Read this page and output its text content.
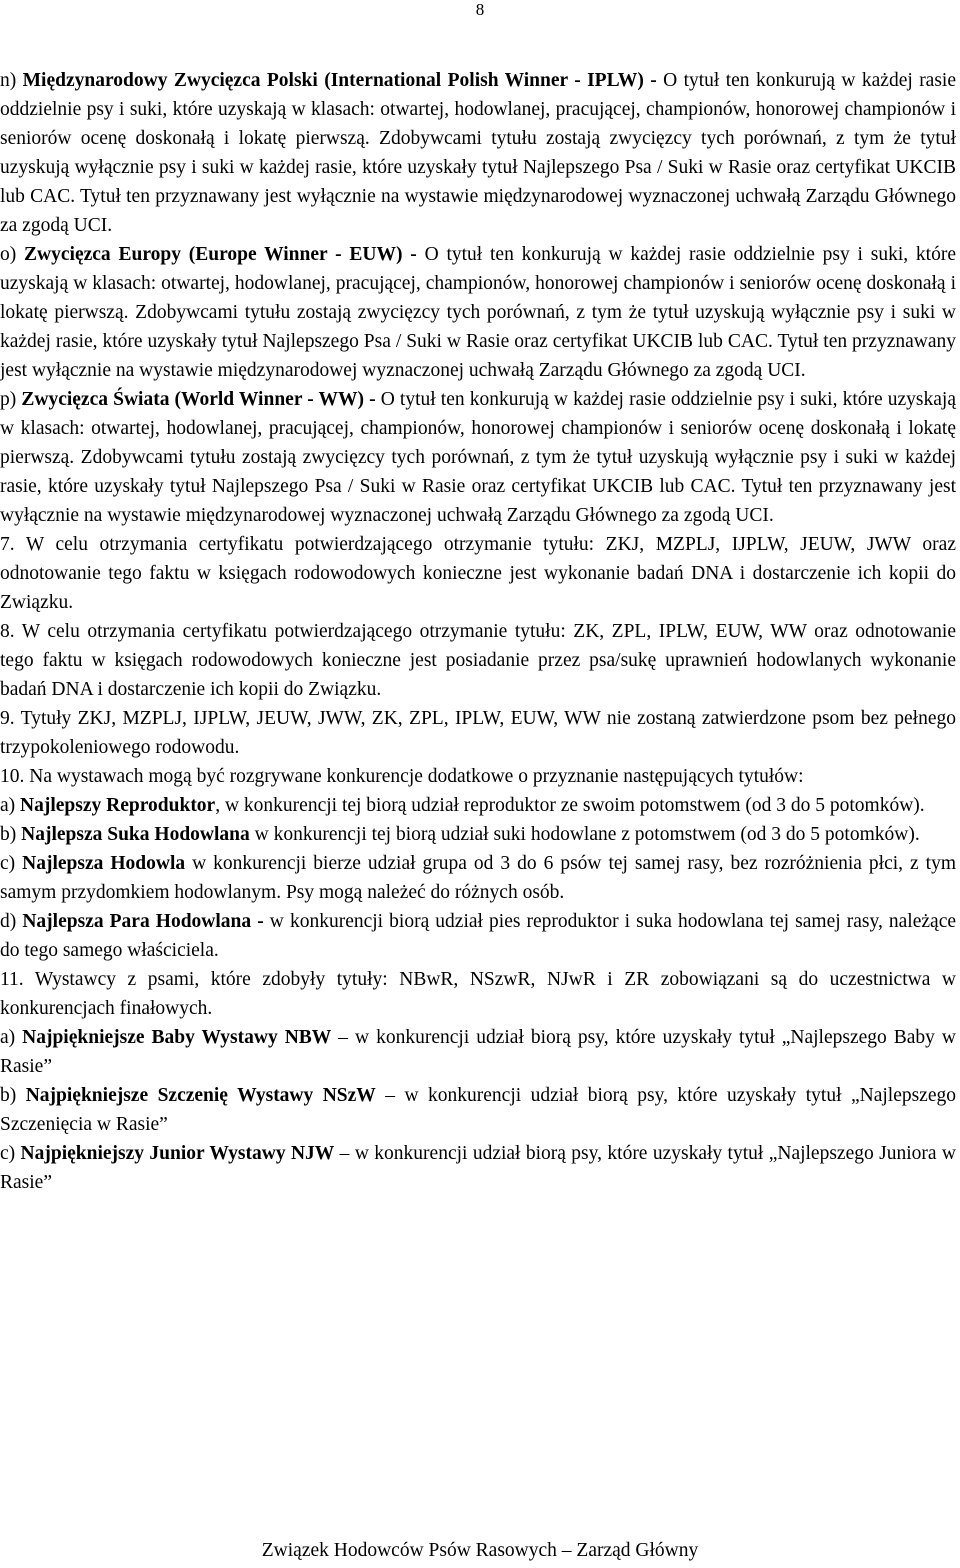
8

n) Międzynarodowy Zwycięzca Polski (International Polish Winner - IPLW) - O tytuł ten konkurują w każdej rasie oddzielnie psy i suki, które uzyskają w klasach: otwartej, hodowlanej, pracującej, championów, honorowej championów i seniorów ocenę doskonałą i lokatę pierwszą. Zdobywcami tytułu zostają zwycięzcy tych porównań, z tym że tytuł uzyskują wyłącznie psy i suki w każdej rasie, które uzyskały tytuł Najlepszego Psa / Suki w Rasie oraz certyfikat UKCIB lub CAC. Tytuł ten przyznawany jest wyłącznie na wystawie międzynarodowej wyznaczonej uchwałą Zarządu Głównego za zgodą UCI.

o) Zwycięzca Europy (Europe Winner - EUW) - O tytuł ten konkurują w każdej rasie oddzielnie psy i suki, które uzyskają w klasach: otwartej, hodowlanej, pracującej, championów, honorowej championów i seniorów ocenę doskonałą i lokatę pierwszą. Zdobywcami tytułu zostają zwycięzcy tych porównań, z tym że tytuł uzyskują wyłącznie psy i suki w każdej rasie, które uzyskały tytuł Najlepszego Psa / Suki w Rasie oraz certyfikat UKCIB lub CAC. Tytuł ten przyznawany jest wyłącznie na wystawie międzynarodowej wyznaczonej uchwałą Zarządu Głównego za zgodą UCI.

p) Zwycięzca Świata (World Winner - WW) - O tytuł ten konkurują w każdej rasie oddzielnie psy i suki, które uzyskają w klasach: otwartej, hodowlanej, pracującej, championów, honorowej championów i seniorów ocenę doskonałą i lokatę pierwszą. Zdobywcami tytułu zostają zwycięzcy tych porównań, z tym że tytuł uzyskują wyłącznie psy i suki w każdej rasie, które uzyskały tytuł Najlepszego Psa / Suki w Rasie oraz certyfikat UKCIB lub CAC. Tytuł ten przyznawany jest wyłącznie na wystawie międzynarodowej wyznaczonej uchwałą Zarządu Głównego za zgodą UCI.

7. W celu otrzymania certyfikatu potwierdzającego otrzymanie tytułu: ZKJ, MZPLJ, IJPLW, JEUW, JWW oraz odnotowanie tego faktu w księgach rodowodowych konieczne jest wykonanie badań DNA i dostarczenie ich kopii do Związku.

8. W celu otrzymania certyfikatu potwierdzającego otrzymanie tytułu: ZK, ZPL, IPLW, EUW, WW oraz odnotowanie tego faktu w księgach rodowodowych konieczne jest posiadanie przez psa/sukę uprawnień hodowlanych wykonanie badań DNA i dostarczenie ich kopii do Związku.

9. Tytuły ZKJ, MZPLJ, IJPLW, JEUW, JWW, ZK, ZPL, IPLW, EUW, WW nie zostaną zatwierdzone psom bez pełnego trzypokoleniowego rodowodu.

10. Na wystawach mogą być rozgrywane konkurencje dodatkowe o przyznanie następujących tytułów:

a) Najlepszy Reproduktor, w konkurencji tej biorą udział reproduktor ze swoim potomstwem (od 3 do 5 potomków).

b) Najlepsza Suka Hodowlana w konkurencji tej biorą udział suki hodowlane z potomstwem (od 3 do 5 potomków).

c) Najlepsza Hodowla w konkurencji bierze udział grupa od 3 do 6 psów tej samej rasy, bez rozróżnienia płci, z tym samym przydomkiem hodowlanym. Psy mogą należeć do różnych osób.

d) Najlepsza Para Hodowlana - w konkurencji biorą udział pies reproduktor i suka hodowlana tej samej rasy, należące do tego samego właściciela.

11. Wystawcy z psami, które zdobyły tytuły: NBwR, NSzwR, NJwR i ZR zobowiązani są do uczestnictwa w konkurencjach finałowych.

a) Najpiękniejsze Baby Wystawy NBW – w konkurencji udział biorą psy, które uzyskały tytuł „Najlepszego Baby w Rasie”

b) Najpiękniejsze Szczenię Wystawy NSzW – w konkurencji udział biorą psy, które uzyskały tytuł „Najlepszego Szczenięcia w Rasie”

c) Najpiękniejszy Junior Wystawy NJW – w konkurencji udział biorą psy, które uzyskały tytuł „Najlepszego Juniora w Rasie”

Związek Hodowców Psów Rasowych – Zarząd Główny
